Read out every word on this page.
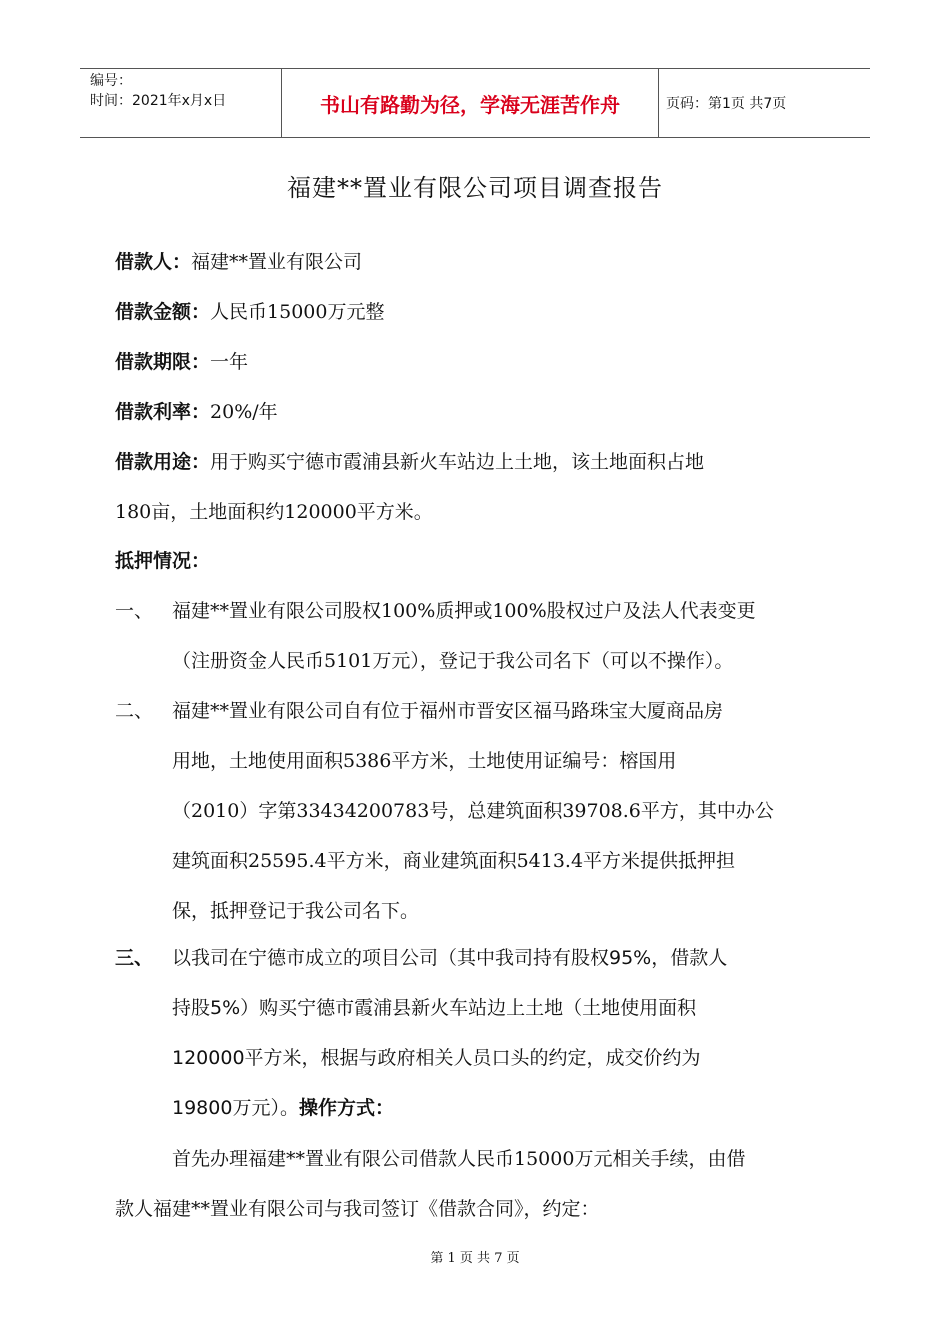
编号：
时间：2021年x月x日	书山有路勤为径，学海无涯苦作舟	页码：第1页 共7页
福建**置业有限公司项目调查报告
借款人：福建**置业有限公司
借款金额：人民币15000万元整
借款期限：一年
借款利率：20%/年
借款用途：用于购买宁德市霞浦县新火车站边上土地，该土地面积占地
180亩，土地面积约120000平方米。
抵押情况：
一、 福建**置业有限公司股权100%质押或100%股权过户及法人代表变更
（注册资金人民币5101万元），登记于我公司名下（可以不操作）。
二、 福建**置业有限公司自有位于福州市晋安区福马路珠宝大厦商品房
用地，土地使用面积5386平方米，土地使用证编号：榕国用
（2010）字第33434200783号，总建筑面积39708.6平方，其中办公
建筑面积25595.4平方米，商业建筑面积5413.4平方米提供抵押担
保，抵押登记于我公司名下。
三、 以我司在宁德市成立的项目公司（其中我司持有股权95%，借款人
持股5%）购买宁德市霞浦县新火车站边上土地（土地使用面积
120000平方米，根据与政府相关人员口头的约定，成交价约为
19800万元）。操作方式：
首先办理福建**置业有限公司借款人民币15000万元相关手续，由借
款人福建**置业有限公司与我司签订《借款合同》，约定：
第 1 页 共 7 页
